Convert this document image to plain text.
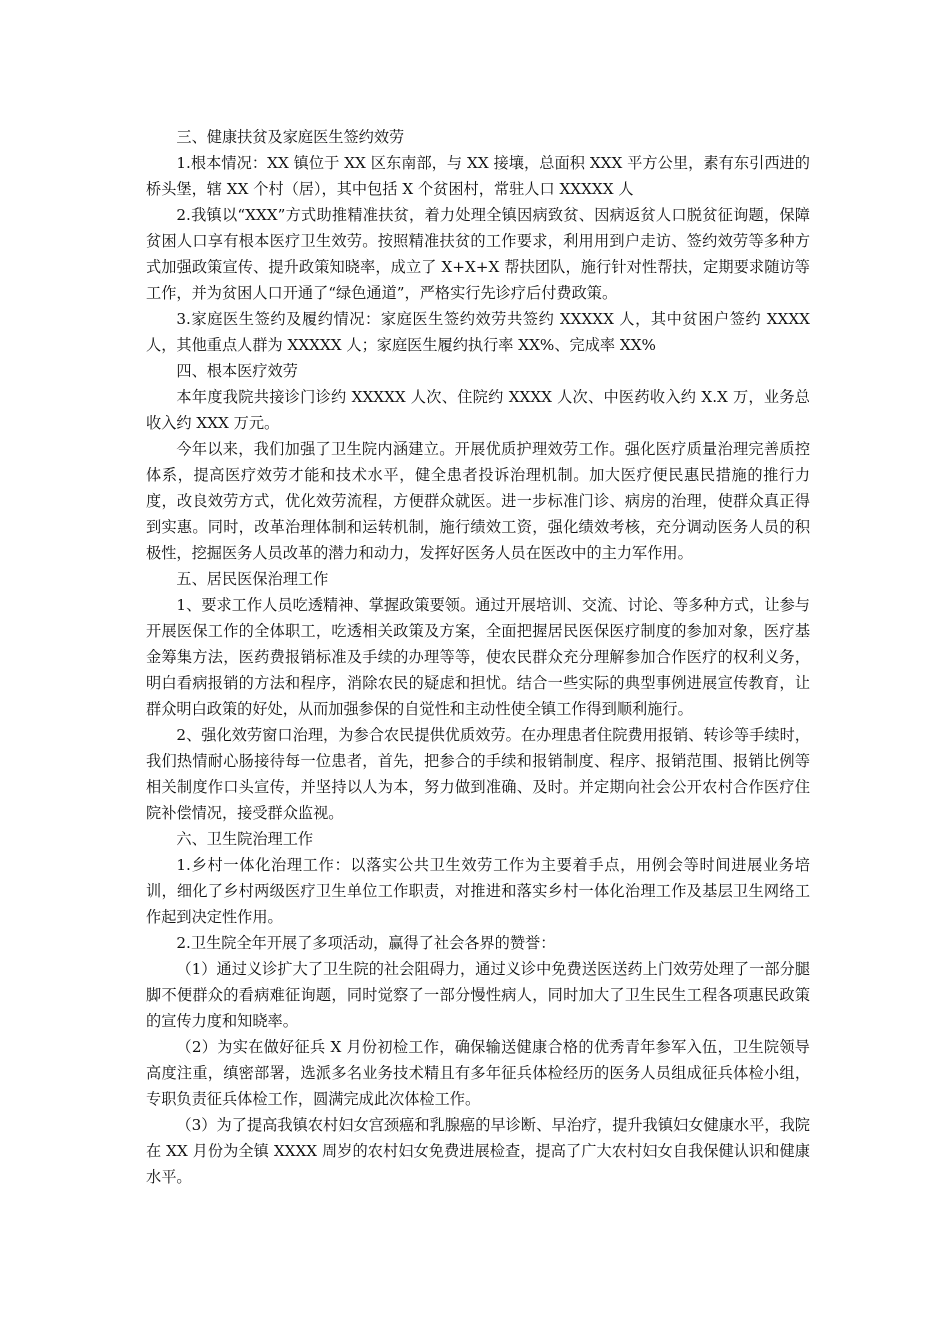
三、健康扶贫及家庭医生签约效劳

1.根本情况：XX 镇位于 XX 区东南部，与 XX 接壤，总面积 XXX 平方公里，素有东引西进的桥头堡，辖 XX 个村（居），其中包括 X 个贫困村，常驻人口 XXXXX 人

2.我镇以“XXX”方式助推精准扶贫，着力处理全镇因病致贫、因病返贫人口脱贫征询题，保障贫困人口享有根本医疗卫生效劳。按照精准扶贫的工作要求，利用用到户走访、签约效劳等多种方式加强政策宣传、提升政策知晓率，成立了 X+X+X 帮扶团队，施行针对性帮扶，定期要求随访等工作，并为贫困人口开通了“绿色通道”，严格实行先诊疗后付费政策。

3.家庭医生签约及履约情况：家庭医生签约效劳共签约 XXXXX 人，其中贫困户签约 XXXX 人，其他重点人群为 XXXXX 人；家庭医生履约执行率 XX%、完成率 XX%

四、根本医疗效劳

本年度我院共接诊门诊约 XXXXX 人次、住院约 XXXX 人次、中医药收入约 X.X 万，业务总收入约 XXX 万元。

今年以来，我们加强了卫生院内涵建立。开展优质护理效劳工作。强化医疗质量治理完善质控体系，提高医疗效劳才能和技术水平，健全患者投诉治理机制。加大医疗便民惠民措施的推行力度，改良效劳方式，优化效劳流程，方便群众就医。进一步标准门诊、病房的治理，使群众真正得到实惠。同时，改革治理体制和运转机制，施行绩效工资，强化绩效考核，充分调动医务人员的积极性，挖掘医务人员改革的潜力和动力，发挥好医务人员在医改中的主力军作用。

五、居民医保治理工作

1、要求工作人员吃透精神、掌握政策要领。通过开展培训、交流、讨论、等多种方式，让参与开展医保工作的全体职工，吃透相关政策及方案，全面把握居民医保医疗制度的参加对象，医疗基金筹集方法，医药费报销标准及手续的办理等等，使农民群众充分理解参加合作医疗的权利义务，明白看病报销的方法和程序，消除农民的疑虑和担忧。结合一些实际的典型事例进展宣传教育，让群众明白政策的好处，从而加强参保的自觉性和主动性使全镇工作得到顺利施行。

2、强化效劳窗口治理，为参合农民提供优质效劳。在办理患者住院费用报销、转诊等手续时，我们热情耐心肠接待每一位患者，首先，把参合的手续和报销制度、程序、报销范围、报销比例等相关制度作口头宣传，并坚持以人为本，努力做到准确、及时。并定期向社会公开农村合作医疗住院补偿情况，接受群众监视。

六、卫生院治理工作

1.乡村一体化治理工作：以落实公共卫生效劳工作为主要着手点，用例会等时间进展业务培训，细化了乡村两级医疗卫生单位工作职责，对推进和落实乡村一体化治理工作及基层卫生网络工作起到决定性作用。

2.卫生院全年开展了多项活动，赢得了社会各界的赞誉：

（1）通过义诊扩大了卫生院的社会阻碍力，通过义诊中免费送医送药上门效劳处理了一部分腿脚不便群众的看病难征询题，同时觉察了一部分慢性病人，同时加大了卫生民生工程各项惠民政策的宣传力度和知晓率。

（2）为实在做好征兵 X 月份初检工作，确保输送健康合格的优秀青年参军入伍，卫生院领导高度注重，缜密部署，选派多名业务技术精且有多年征兵体检经历的医务人员组成征兵体检小组，专职负责征兵体检工作，圆满完成此次体检工作。

（3）为了提高我镇农村妇女宫颈癌和乳腺癌的早诊断、早治疗，提升我镇妇女健康水平，我院在 XX 月份为全镇 XXXX 周岁的农村妇女免费进展检查，提高了广大农村妇女自我保健认识和健康水平。
